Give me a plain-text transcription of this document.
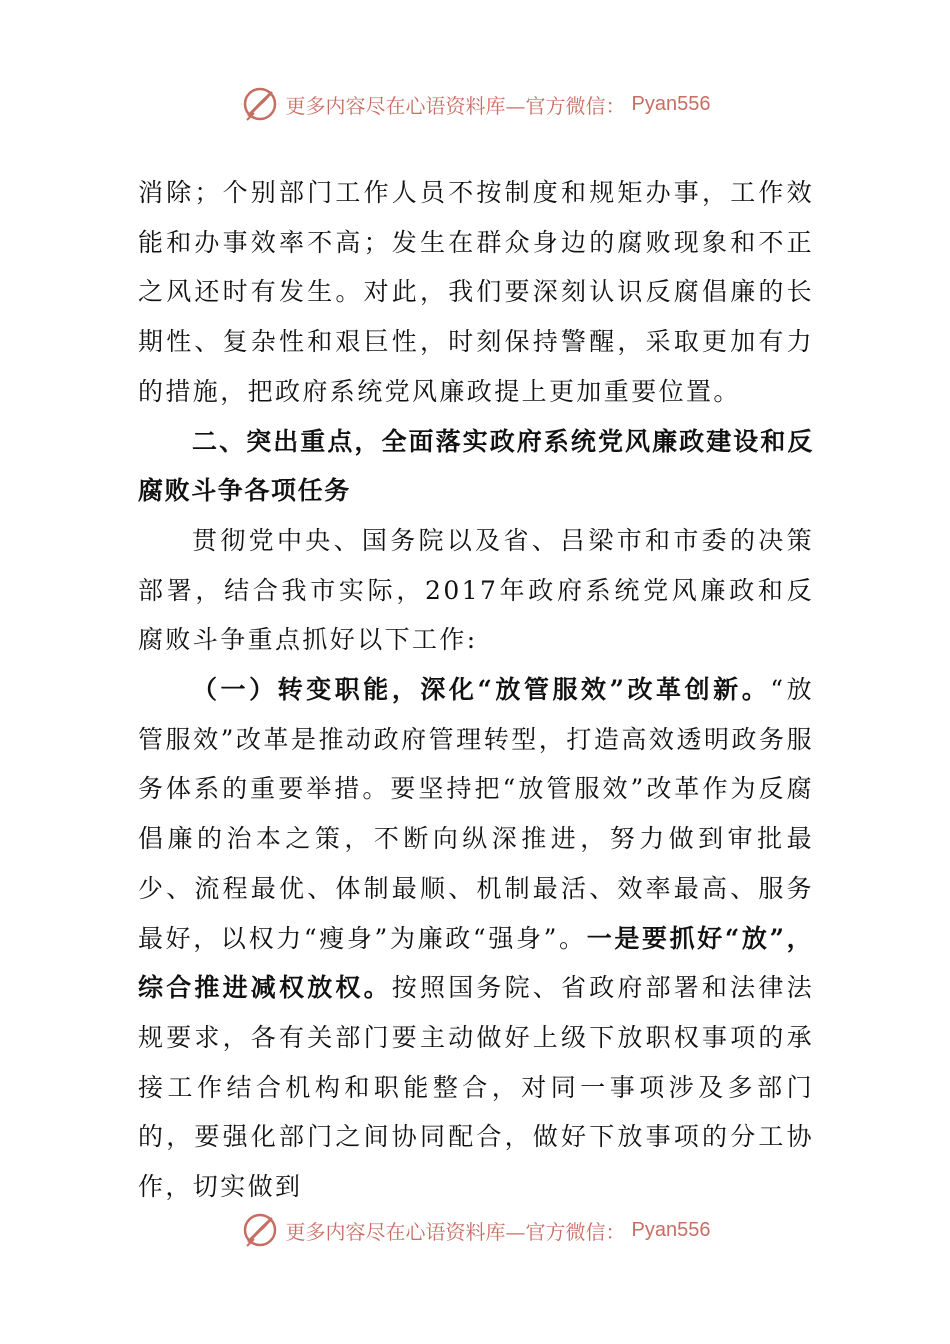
更多内容尽在心语资料库—官方微信： Pyan556

消除；个别部门工作人员不按制度和规矩办事，工作效能和办事效率不高；发生在群众身边的腐败现象和不正之风还时有发生。对此，我们要深刻认识反腐倡廉的长期性、复杂性和艰巨性，时刻保持警醒，采取更加有力的措施，把政府系统党风廉政提上更加重要位置。

二、突出重点，全面落实政府系统党风廉政建设和反腐败斗争各项任务

贯彻党中央、国务院以及省、吕梁市和市委的决策部署，结合我市实际，2017年政府系统党风廉政和反腐败斗争重点抓好以下工作:

（一）转变职能，深化“放管服效”改革创新。“放管服效”改革是推动政府管理转型，打造高效透明政务服务体系的重要举措。要坚持把“放管服效”改革作为反腐倡廉的治本之策，不断向纵深推进，努力做到审批最少、流程最优、体制最顺、机制最活、效率最高、服务最好，以权力“瘦身”为廉政“强身”。一是要抓好“放”，综合推进减权放权。按照国务院、省政府部署和法律法规要求，各有关部门要主动做好上级下放职权事项的承接工作结合机构和职能整合，对同一事项涉及多部门的，要强化部门之间协同配合，做好下放事项的分工协作，切实做到

更多内容尽在心语资料库—官方微信： Pyan556
